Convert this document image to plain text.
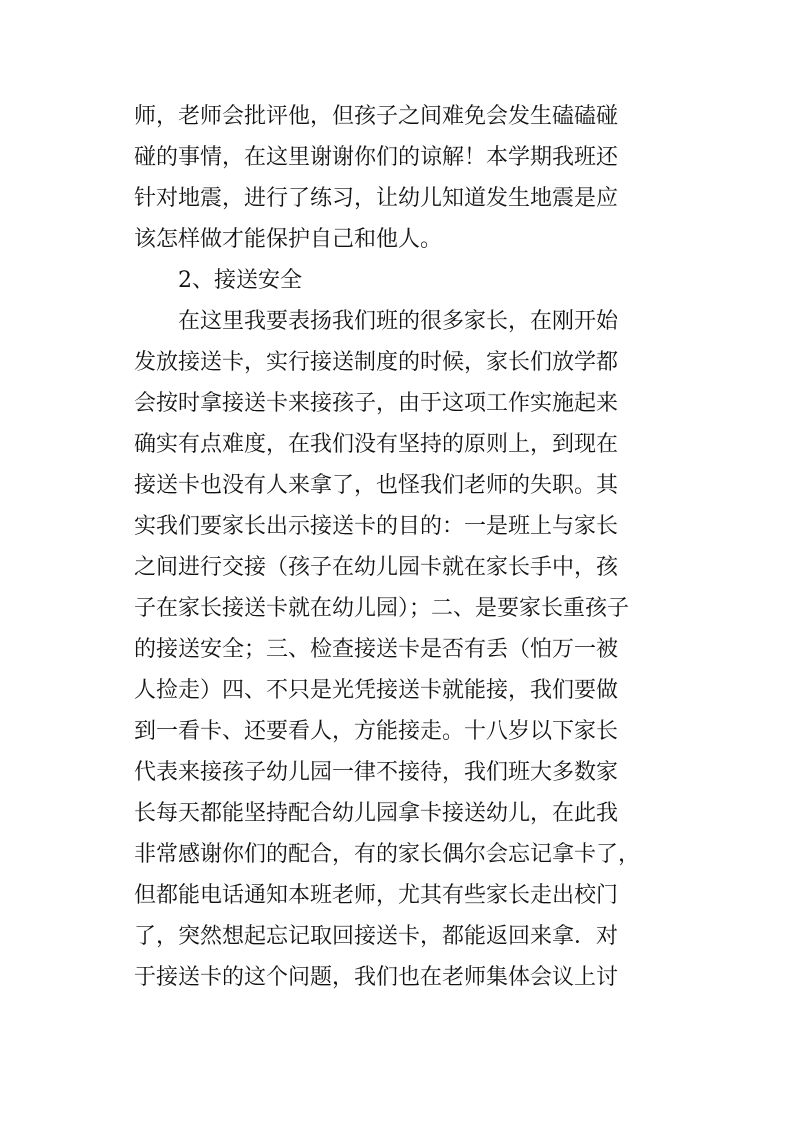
师，老师会批评他，但孩子之间难免会发生磕磕碰
碰的事情，在这里谢谢你们的谅解！本学期我班还
针对地震，进行了练习，让幼儿知道发生地震是应
该怎样做才能保护自己和他人。
2、接送安全
在这里我要表扬我们班的很多家长，在刚开始
发放接送卡，实行接送制度的时候，家长们放学都
会按时拿接送卡来接孩子，由于这项工作实施起来
确实有点难度，在我们没有坚持的原则上，到现在
接送卡也没有人来拿了，也怪我们老师的失职。其
实我们要家长出示接送卡的目的：一是班上与家长
之间进行交接（孩子在幼儿园卡就在家长手中，孩
子在家长接送卡就在幼儿园）；二、是要家长重孩子
的接送安全；三、检查接送卡是否有丢（怕万一被
人捡走）四、不只是光凭接送卡就能接，我们要做
到一看卡、还要看人，方能接走。十八岁以下家长
代表来接孩子幼儿园一律不接待，我们班大多数家
长每天都能坚持配合幼儿园拿卡接送幼儿，在此我
非常感谢你们的配合，有的家长偶尔会忘记拿卡了，
但都能电话通知本班老师，尤其有些家长走出校门
了，突然想起忘记取回接送卡，都能返回来拿．对
于接送卡的这个问题，我们也在老师集体会议上讨
